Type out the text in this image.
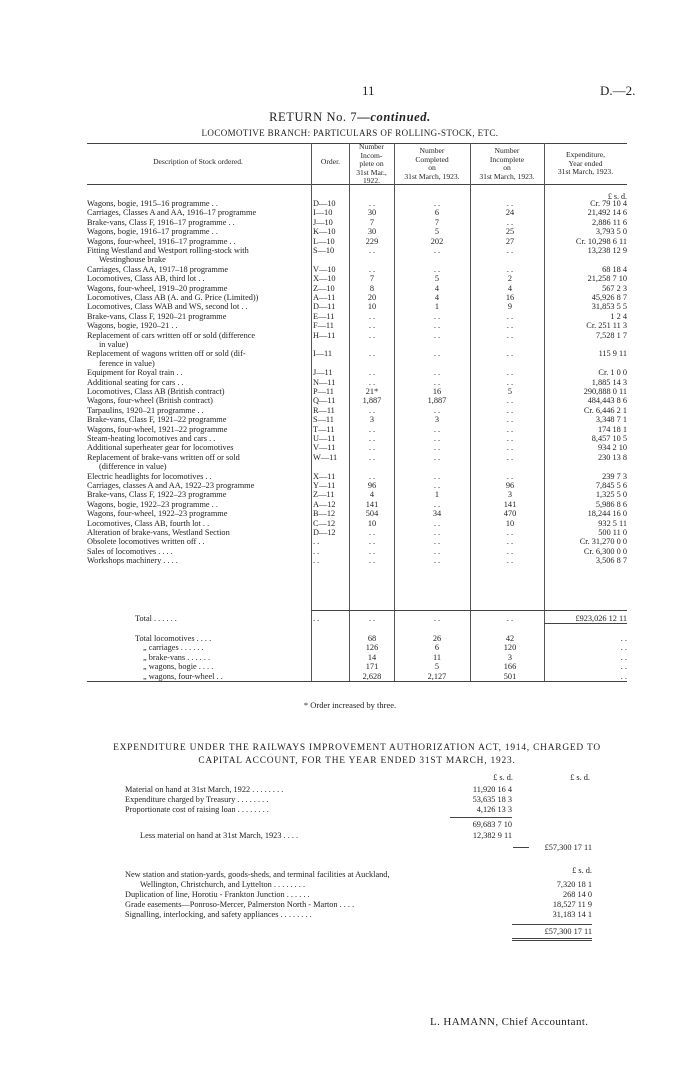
11	D.—2.
RETURN No. 7—continued.
LOCOMOTIVE BRANCH: PARTICULARS OF ROLLING-STOCK, ETC.
Description of Stock ordered.	Order.
Number
Incom-
plete on
31st Mar.,
1922.
Number
Completed
on
31st March, 1923.
Number
Incomplete
on
31st March, 1923.
Expenditure,
Year ended
31st March, 1923.
£ s. d.
Wagons, bogie, 1915–16 programme . .	D—10	. .	. .	. .	Cr. 79 10 4
Carriages, Classes A and AA, 1916–17 programme	I—10	30	6	24	21,492 14 6
Brake-vans, Class F, 1916–17 programme . .	J—10	7	7	. .	2,886 11 6
Wagons, bogie, 1916–17 programme . .	K—10	30	5	25	3,793 5 0
Wagons, four-wheel, 1916–17 programme . .	L—10	229	202	27	Cr. 10,298 6 11
Fitting Westland and Westport rolling-stock with	S—10	. .	. .	. .	13,238 12 9
Westinghouse brake
Carriages, Class AA, 1917–18 programme	V—10	. .	. .	. .	68 18 4
Locomotives, Class AB, third lot . .	X—10	7	5	2	21,258 7 10
Wagons, four-wheel, 1919–20 programme	Z—10	8	4	4	567 2 3
Locomotives, Class AB (A. and G. Price (Limited))	A—11	20	4	16	45,926 8 7
Locomotives, Class WAB and WS, second lot . .	D—11	10	1	9	31,853 5 5
Brake-vans, Class F, 1920–21 programme	E—11	. .	. .	. .	1 2 4
Wagons, bogie, 1920–21 . .	F—11	. .	. .	. .	Cr. 251 11 3
Replacement of cars written off or sold (difference	H—11	. .	. .	. .	7,528 1 7
in value)
Replacement of wagons written off or sold (dif-	I—11	. .	. .	. .	115 9 11
ference in value)
Equipment for Royal train . .	J—11	. .	. .	. .	Cr. 1 0 0
Additional seating for cars . .	N—11	. .	. .	. .	1,885 14 3
Locomotives, Class AB (British contract)	P—11	21*	16	5	290,888 0 11
Wagons, four-wheel (British contract)	Q—11	1,887	1,887	. .	484,443 8 6
Tarpaulins, 1920–21 programme . .	R—11	. .	. .	. .	Cr. 6,446 2 1
Brake-vans, Class F, 1921–22 programme	S—11	3	3	. .	3,348 7 1
Wagons, four-wheel, 1921–22 programme	T—11	. .	. .	. .	174 18 1
Steam-heating locomotives and cars . .	U—11	. .	. .	. .	8,457 10 5
Additional superheater gear for locomotives	V—11	. .	. .	. .	934 2 10
Replacement of brake-vans written off or sold	W—11	. .	. .	. .	230 13 8
(difference in value)
Electric headlights for locomotives . .	X—11	. .	. .	. .	239 7 3
Carriages, classes A and AA, 1922–23 programme	Y—11	96	. .	96	7,845 5 6
Brake-vans, Class F, 1922–23 programme	Z—11	4	1	3	1,325 5 0
Wagons, bogie, 1922–23 programme . .	A—12	141	. .	141	5,986 8 6
Wagons, four-wheel, 1922–23 programme	B—12	504	34	470	18,244 16 0
Locomotives, Class AB, fourth lot . .	C—12	10	. .	10	932 5 11
Alteration of brake-vans, Westland Section	D—12	. .	. .	. .	500 11 0
Obsolete locomotives written off . .	. .	. .	. .	. .	Cr. 31,270 0 0
Sales of locomotives . . . .	. .	. .	. .	. .	Cr. 6,300 0 0
Workshops machinery . . . .	. .	. .	. .	. .	3,506 8 7
Total . . . . . .	. .	. .	. .	. .	£923,026 12 11
Total locomotives . . . .	68	26	42	. .
„ carriages . . . . . .	126	6	120	. .
„ brake-vans . . . . . .	14	11	3	. .
„ wagons, bogie . . . .	171	5	166	. .
„ wagons, four-wheel . .	2,628	2,127	501	. .
* Order increased by three.
EXPENDITURE UNDER THE RAILWAYS IMPROVEMENT AUTHORIZATION ACT, 1914, CHARGED TO
CAPITAL ACCOUNT, FOR THE YEAR ENDED 31ST MARCH, 1923.
£ s. d.	£ s. d.
Material on hand at 31st March, 1922 . . . . . . . .	11,920 16 4
Expenditure charged by Treasury . . . . . . . .	53,635 18 3
Proportionate cost of raising loan . . . . . . . .	4,126 13 3
69,683 7 10
Less material on hand at 31st March, 1923 . . . .	12,382 9 11
£57,300 17 11
£ s. d.
New station and station-yards, goods-sheds, and terminal facilities at Auckland,
Wellington, Christchurch, and Lyttelton . . . . . . . .	7,320 18 1
Duplication of line, Horotiu - Frankton Junction . . . . . .	268 14 0
Grade easements—Ponroso-Mercer, Palmerston North - Marton . . . .	18,527 11 9
Signalling, interlocking, and safety appliances . . . . . . . .	31,183 14 1
£57,300 17 11
L. HAMANN, Chief Accountant.
